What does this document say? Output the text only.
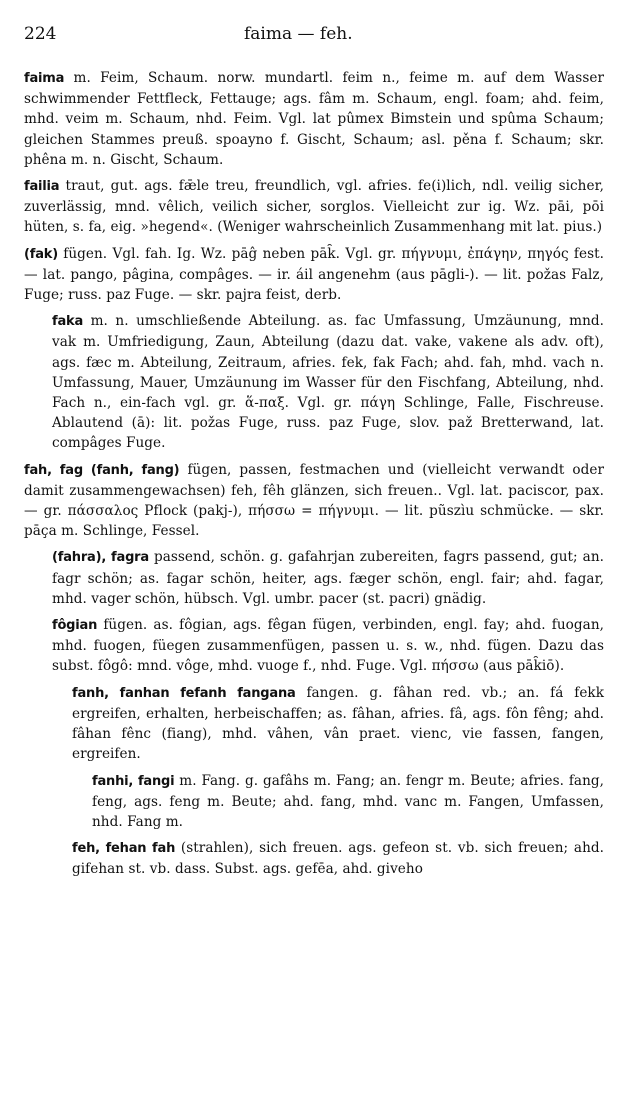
224	faima — feh.

faima m. Feim, Schaum. norw. mundartl. feim n., feime m. auf dem Wasser schwimmender Fettfleck, Fettauge; ags. fâm m. Schaum, engl. foam; ahd. feim, mhd. veim m. Schaum, nhd. Feim. Vgl. lat pûmex Bimstein und spûma Schaum; gleichen Stammes preuß. spoayno f. Gischt, Schaum; asl. pěna f. Schaum; skr. phêna m. n. Gischt, Schaum.

failia traut, gut. ags. fǣle treu, freundlich, vgl. afries. fe(i)lich, ndl. veilig sicher, zuverlässig, mnd. vêlich, veilich sicher, sorglos. Vielleicht zur ig. Wz. pāi, pōi hüten, s. fa, eig. »hegend«. (Weniger wahrscheinlich Zusammenhang mit lat. pius.)

(fak) fügen. Vgl. fah. Ig. Wz. pāĝ neben pāk̑. Vgl. gr. πήγνυμι, ἐπάγην, πηγός fest. — lat. pango, pâgina, compâges. — ir. áil angenehm (aus pāgli-). — lit. požas Falz, Fuge; russ. paz Fuge. — skr. pajra feist, derb.

faka m. n. umschließende Abteilung. as. fac Umfassung, Umzäunung, mnd. vak m. Umfriedigung, Zaun, Abteilung (dazu dat. vake, vakene als adv. oft), ags. fæc m. Abteilung, Zeitraum, afries. fek, fak Fach; ahd. fah, mhd. vach n. Umfassung, Mauer, Umzäunung im Wasser für den Fischfang, Abteilung, nhd. Fach n., ein-fach vgl. gr. ἅ-παξ. Vgl. gr. πάγη Schlinge, Falle, Fischreuse. Ablautend (ā): lit. požas Fuge, russ. paz Fuge, slov. paž Bretterwand, lat. compâges Fuge.

fah, fag (fanh, fang) fügen, passen, festmachen und (vielleicht verwandt oder damit zusammengewachsen) feh, fêh glänzen, sich freuen.. Vgl. lat. paciscor, pax. — gr. πάσσαλος Pflock (pakj-), πήσσω = πήγνυμι. — lit. pũszìu schmücke. — skr. pāça m. Schlinge, Fessel.

(fahra), fagra passend, schön. g. gafahrjan zubereiten, fagrs passend, gut; an. fagr schön; as. fagar schön, heiter, ags. fæger schön, engl. fair; ahd. fagar, mhd. vager schön, hübsch. Vgl. umbr. pacer (st. pacri) gnädig.

fôgian fügen. as. fôgian, ags. fêgan fügen, verbinden, engl. fay; ahd. fuogan, mhd. fuogen, füegen zusammenfügen, passen u. s. w., nhd. fügen. Dazu das subst. fôgô: mnd. vôge, mhd. vuoge f., nhd. Fuge. Vgl. πήσσω (aus pāk̑iō).

fanh, fanhan fefanh fangana fangen. g. fâhan red. vb.; an. fá fekk ergreifen, erhalten, herbeischaffen; as. fâhan, afries. fâ, ags. fôn fêng; ahd. fâhan fênc (fiang), mhd. vâhen, vân praet. vienc, vie fassen, fangen, ergreifen.

fanhi, fangi m. Fang. g. gafâhs m. Fang; an. fengr m. Beute; afries. fang, feng, ags. feng m. Beute; ahd. fang, mhd. vanc m. Fangen, Umfassen, nhd. Fang m.

feh, fehan fah (strahlen), sich freuen. ags. gefeon st. vb. sich freuen; ahd. gifehan st. vb. dass. Subst. ags. gefēa, ahd. giveho
